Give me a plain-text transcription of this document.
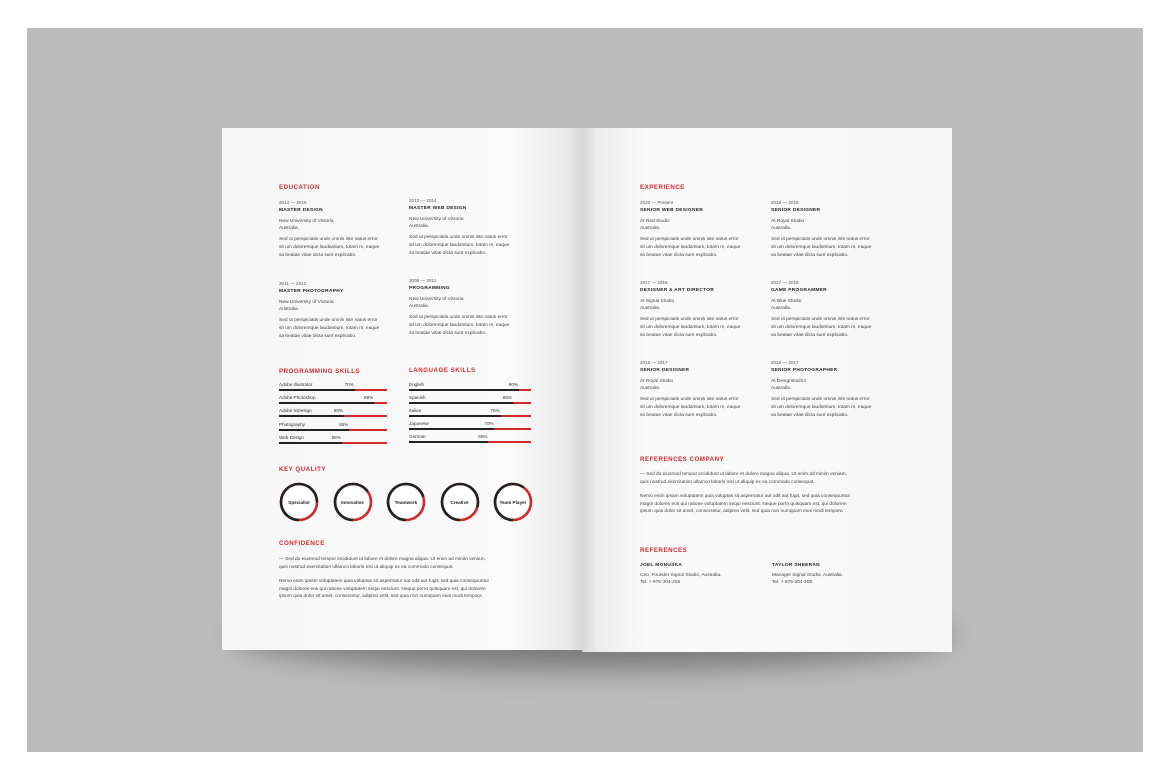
EDUCATION
2014 — 2016
MASTER DESIGN
New University of Victoria
Australia.
Sed ut perspiciatis unde omnis iste natus error
sit um doloremque laudantium, totam m, eaque
sa beatae vitae dicta sunt explicabo.
2012 — 2014
MASTER WEB DESIGN
New University of Victoria
Australia.
Sed ut perspiciatis unde omnis iste natus error
sit um doloremque laudantium, totam m, eaque
sa beatae vitae dicta sunt explicabo.
2011 — 2012
MASTER PHOTOGRAPHY
New University of Victoria
Australia.
Sed ut perspiciatis unde omnis iste natus error
sit um doloremque laudantium, totam m, eaque
sa beatae vitae dicta sunt explicabo.
2009 — 2011
PROGRAMMING
New University of Victoria
Australia.
Sed ut perspiciatis unde omnis iste natus error
sit um doloremque laudantium, totam m, eaque
sa beatae vitae dicta sunt explicabo.
PROGRAMMING SKILLS
Adobe Illustrator	70%
Adobe Photoshop	88%
Adobe InDesign	60%
Photography	65%
Web Design	58%
LANGUAGE SKILLS
English	90%
Spanish	85%
Italian	75%
Japanese	70%
German	65%
KEY QUALITY
Specialist	Innovative	Teamwork	Creative	Team Player
CONFIDENCE
— Sed do eiusmod tempor incididunt ut labore et dolore magna aliqua. Ut enim ad minim veniam,
quis nostrud exercitation ullamco laboris nisi ut aliquip ex ea commodo consequat.
Nemo enim ipsam voluptatem quia voluptas sit aspernatur aut odit aut fugit, sed quia consequuntur
magni dolores eos qui ratione voluptatem sequi nesciunt. Neque porro quisquam est, qui dolorem
ipsum quia dolor sit amet, consectetur, adipisci velit, sed quia non numquam eius modi tempora
EXPERIENCE
2020 — Present
SENIOR WEB DESIGNER
At Red Studio
Australia.
Sed ut perspiciatis unde omnis iste natus error
sit um doloremque laudantium, totam m, eaque
sa beatae vitae dicta sunt explicabo.
2018 — 2019
SENIOR DESIGNER
At Royal Studio
Australia.
Sed ut perspiciatis unde omnis iste natus error
sit um doloremque laudantium, totam m, eaque
sa beatae vitae dicta sunt explicabo.
2017 — 2018
DESIGNER & ART DIRECTOR
At Signal Studio
Australia.
Sed ut perspiciatis unde omnis iste natus error
sit um doloremque laudantium, totam m, eaque
sa beatae vitae dicta sunt explicabo.
2017 — 2018
GAME PROGRAMMER
At Blue Studio
Australia.
Sed ut perspiciatis unde omnis iste natus error
sit um doloremque laudantium, totam m, eaque
sa beatae vitae dicta sunt explicabo.
2016 — 2017
SENIOR DESIGNER
At Royal Studio
Australia.
Sed ut perspiciatis unde omnis iste natus error
sit um doloremque laudantium, totam m, eaque
sa beatae vitae dicta sunt explicabo.
2016 — 2017
SENIOR PHOTOGRAPHER
At Designsoul14
Australia.
Sed ut perspiciatis unde omnis iste natus error
sit um doloremque laudantium, totam m, eaque
sa beatae vitae dicta sunt explicabo.
REFERENCES COMPANY
— Sed do eiusmod tempor incididunt ut labore et dolore magna aliqua. Ut enim ad minim veniam,
quis nostrud exercitation ullamco laboris nisi ut aliquip ex ea commodo consequat.
Nemo enim ipsam voluptatem quia voluptas sit aspernatur aut odit aut fugit, sed quia consequuntur
magni dolores eos qui ratione voluptatem sequi nesciunt. Neque porro quisquam est, qui dolorem
ipsum quia dolor sit amet, consectetur, adipisci velit, sed quia non numquam eius modi tempora
REFERENCES
JOEL MONUSKA
Ceo, Founder Signal Studio, Australia.
Tel. + 975-304-205
TAYLOR SHEERAN
Manager Signal Studio, Australia.
Tel. + 975-304-205
